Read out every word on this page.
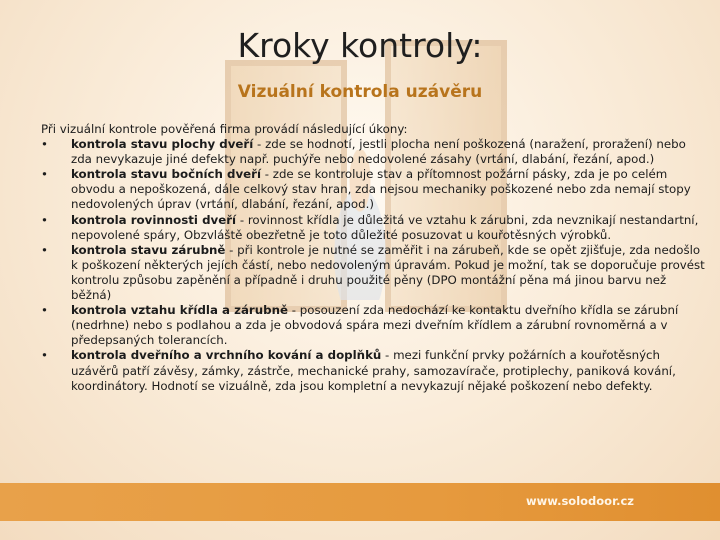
Kroky kontroly:
Vizuální kontrola uzávěru

Při vizuální kontrole pověřená firma provádí následující úkony:

• kontrola stavu plochy dveří - zde se hodnotí, jestli plocha není poškozená (naražení, proražení) nebo zda nevykazuje jiné defekty např. puchýře nebo nedovolené zásahy (vrtání, dlabání, řezání, apod.)
• kontrola stavu bočních dveří - zde se kontroluje stav a přítomnost požární pásky, zda je po celém obvodu a nepoškozená, dále celkový stav hran, zda nejsou mechaniky poškozené nebo zda nemají stopy nedovolených úprav (vrtání, dlabání, řezání, apod.)
• kontrola rovinnosti dveří - rovinnost křídla je důležitá ve vztahu k zárubni, zda nevznikají nestandartní, nepovolené spáry, Obzvláště obezřetně je toto důležité posuzovat u kouřotěsných výrobků.
• kontrola stavu zárubně - při kontrole je nutné se zaměřit i na zárubeň, kde se opět zjišťuje, zda nedošlo k poškození některých jejích částí, nebo nedovoleným úpravám. Pokud je možní, tak se doporučuje provést kontrolu způsobu zapěnění a případně i druhu použité pěny (DPO montážní pěna má jinou barvu než běžná)
• kontrola vztahu křídla a zárubně - posouzení zda nedochází ke kontaktu dveřního křídla se zárubní (nedrhne) nebo s podlahou a zda je obvodová spára mezi dveřním křídlem a zárubní rovnoměrná a v předepsaných tolerancích.
• kontrola dveřního a vrchního kování a doplňků - mezi funkční prvky požárních a kouřotěsných uzávěrů patří závěsy, zámky, zástrče, mechanické prahy, samozavírače, protiplechy, paniková kování, koordinátory. Hodnotí se vizuálně, zda jsou kompletní a nevykazují nějaké poškození nebo defekty.
www.solodoor.cz
